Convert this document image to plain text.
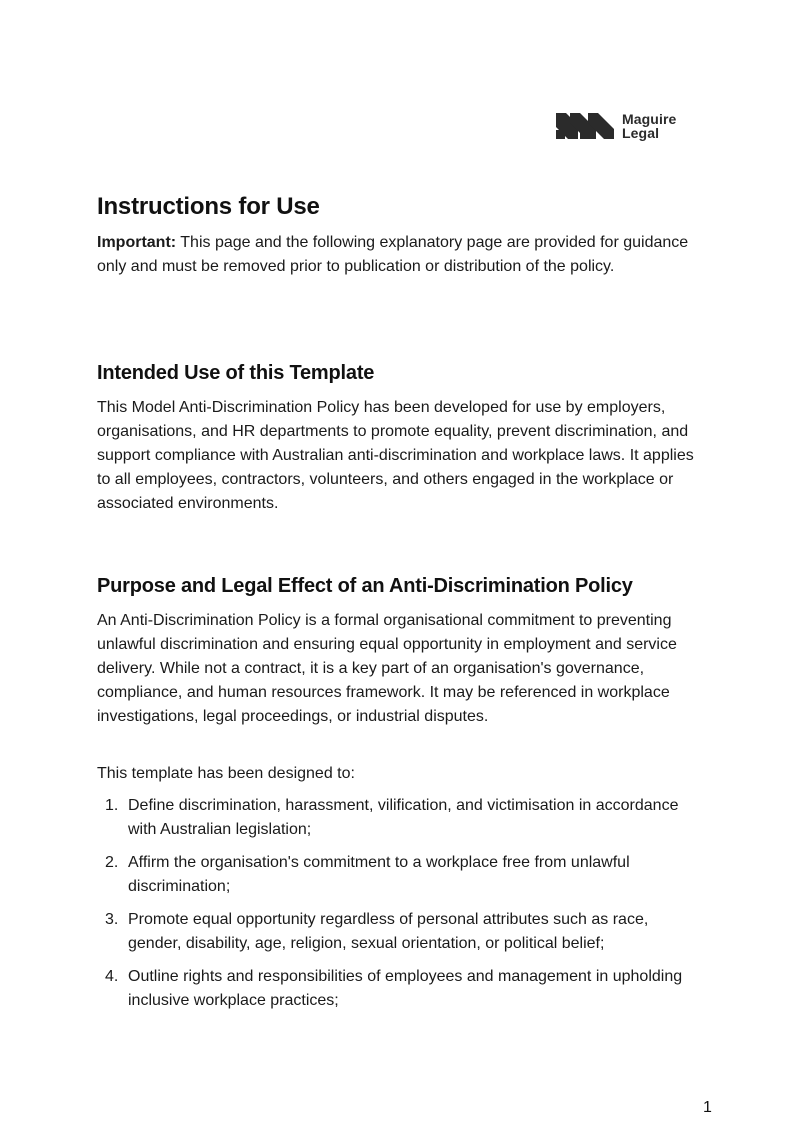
Maguire
Legal
Instructions for Use

Important: This page and the following explanatory page are provided for guidance only and must be removed prior to publication or distribution of the policy.

Intended Use of this Template

This Model Anti-Discrimination Policy has been developed for use by employers, organisations, and HR departments to promote equality, prevent discrimination, and support compliance with Australian anti-discrimination and workplace laws. It applies to all employees, contractors, volunteers, and others engaged in the workplace or associated environments.

Purpose and Legal Effect of an Anti-Discrimination Policy

An Anti-Discrimination Policy is a formal organisational commitment to preventing unlawful discrimination and ensuring equal opportunity in employment and service delivery. While not a contract, it is a key part of an organisation's governance, compliance, and human resources framework. It may be referenced in workplace investigations, legal proceedings, or industrial disputes.

This template has been designed to:

1. Define discrimination, harassment, vilification, and victimisation in accordance with Australian legislation;
2. Affirm the organisation's commitment to a workplace free from unlawful discrimination;
3. Promote equal opportunity regardless of personal attributes such as race, gender, disability, age, religion, sexual orientation, or political belief;
4. Outline rights and responsibilities of employees and management in upholding inclusive workplace practices;
1
